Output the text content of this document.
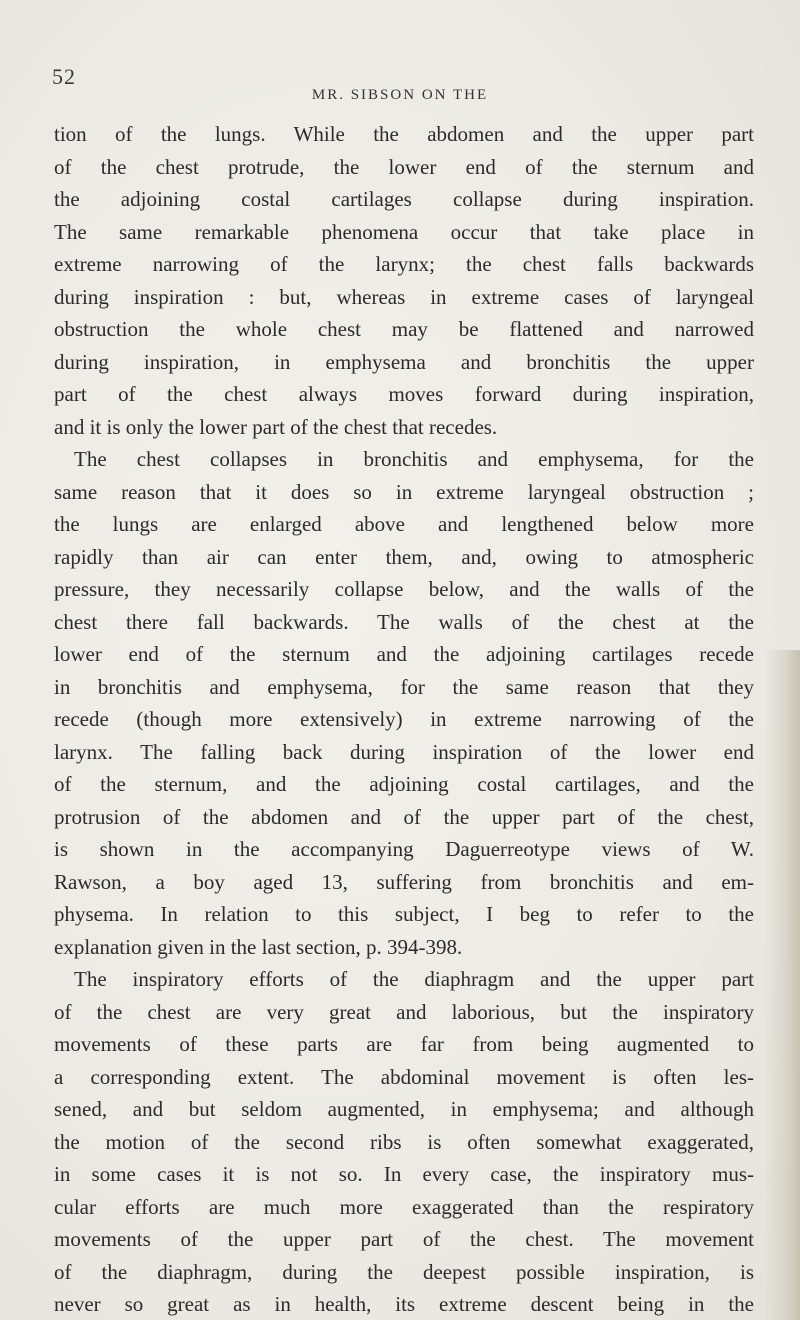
52
MR. SIBSON ON THE
tion of the lungs. While the abdomen and the upper part
of the chest protrude, the lower end of the sternum and
the adjoining costal cartilages collapse during inspiration.
The same remarkable phenomena occur that take place in
extreme narrowing of the larynx; the chest falls backwards
during inspiration : but, whereas in extreme cases of laryngeal
obstruction the whole chest may be flattened and narrowed
during inspiration, in emphysema and bronchitis the upper
part of the chest always moves forward during inspiration,
and it is only the lower part of the chest that recedes.
The chest collapses in bronchitis and emphysema, for the
same reason that it does so in extreme laryngeal obstruction ;
the lungs are enlarged above and lengthened below more
rapidly than air can enter them, and, owing to atmospheric
pressure, they necessarily collapse below, and the walls of the
chest there fall backwards. The walls of the chest at the
lower end of the sternum and the adjoining cartilages recede
in bronchitis and emphysema, for the same reason that they
recede (though more extensively) in extreme narrowing of the
larynx. The falling back during inspiration of the lower end
of the sternum, and the adjoining costal cartilages, and the
protrusion of the abdomen and of the upper part of the chest,
is shown in the accompanying Daguerreotype views of W.
Rawson, a boy aged 13, suffering from bronchitis and em-
physema. In relation to this subject, I beg to refer to the
explanation given in the last section, p. 394-398.
The inspiratory efforts of the diaphragm and the upper part
of the chest are very great and laborious, but the inspiratory
movements of these parts are far from being augmented to
a corresponding extent. The abdominal movement is often les-
sened, and but seldom augmented, in emphysema; and although
the motion of the second ribs is often somewhat exaggerated,
in some cases it is not so. In every case, the inspiratory mus-
cular efforts are much more exaggerated than the respiratory
movements of the upper part of the chest. The movement
of the diaphragm, during the deepest possible inspiration, is
never so great as in health, its extreme descent being in the
